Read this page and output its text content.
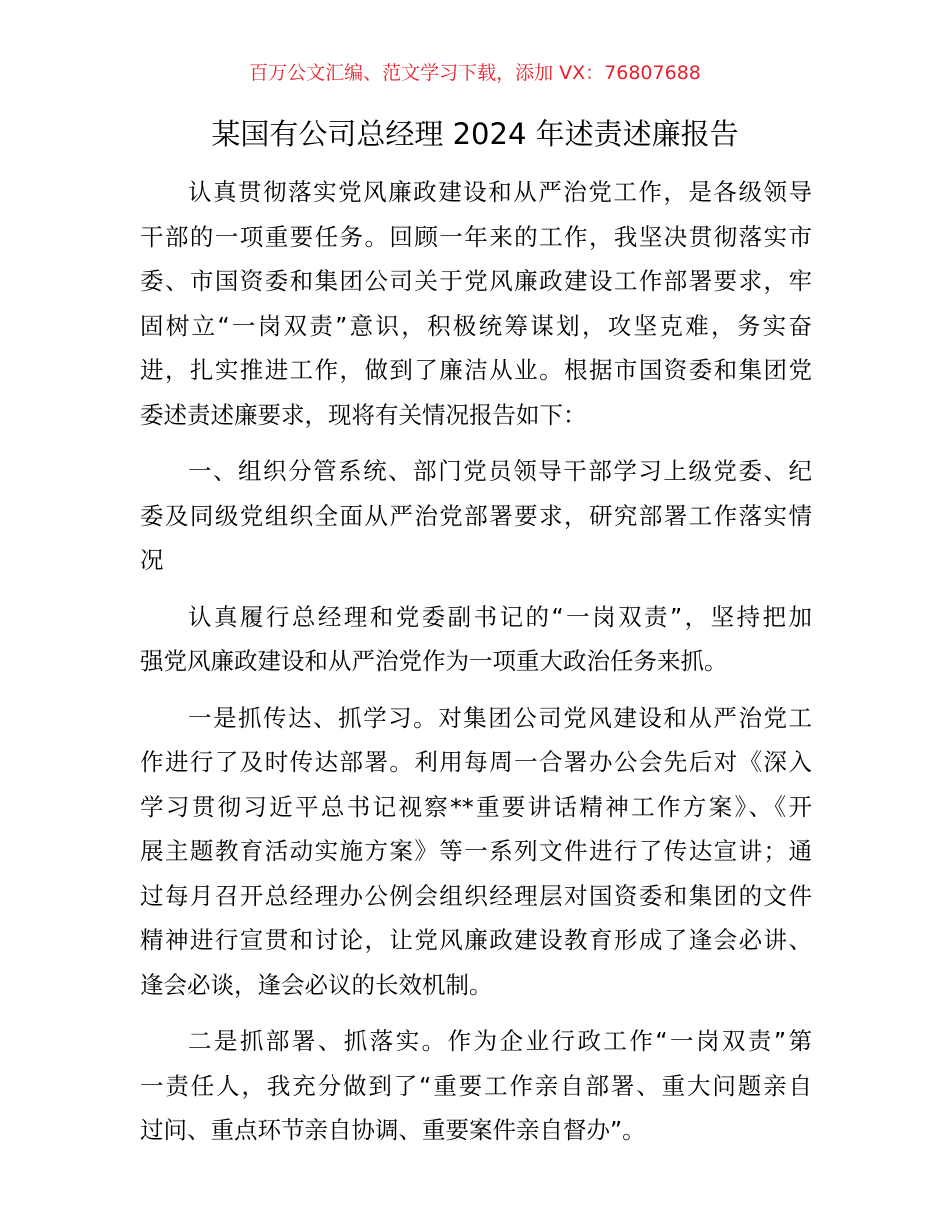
百万公文汇编、范文学习下载，添加 VX：76807688
某国有公司总经理 2024 年述责述廉报告
认真贯彻落实党风廉政建设和从严治党工作，是各级领导
干部的一项重要任务。回顾一年来的工作，我坚决贯彻落实市
委、市国资委和集团公司关于党风廉政建设工作部署要求，牢
固树立“一岗双责”意识，积极统筹谋划，攻坚克难，务实奋
进，扎实推进工作，做到了廉洁从业。根据市国资委和集团党
委述责述廉要求，现将有关情况报告如下：
一、组织分管系统、部门党员领导干部学习上级党委、纪
委及同级党组织全面从严治党部署要求，研究部署工作落实情
况
认真履行总经理和党委副书记的“一岗双责”，坚持把加
强党风廉政建设和从严治党作为一项重大政治任务来抓。
一是抓传达、抓学习。对集团公司党风建设和从严治党工
作进行了及时传达部署。利用每周一合署办公会先后对《深入
学习贯彻习近平总书记视察**重要讲话精神工作方案》、《开
展主题教育活动实施方案》等一系列文件进行了传达宣讲；通
过每月召开总经理办公例会组织经理层对国资委和集团的文件
精神进行宣贯和讨论，让党风廉政建设教育形成了逢会必讲、
逢会必谈，逢会必议的长效机制。
二是抓部署、抓落实。作为企业行政工作“一岗双责”第
一责任人，我充分做到了“重要工作亲自部署、重大问题亲自
过问、重点环节亲自协调、重要案件亲自督办”。
